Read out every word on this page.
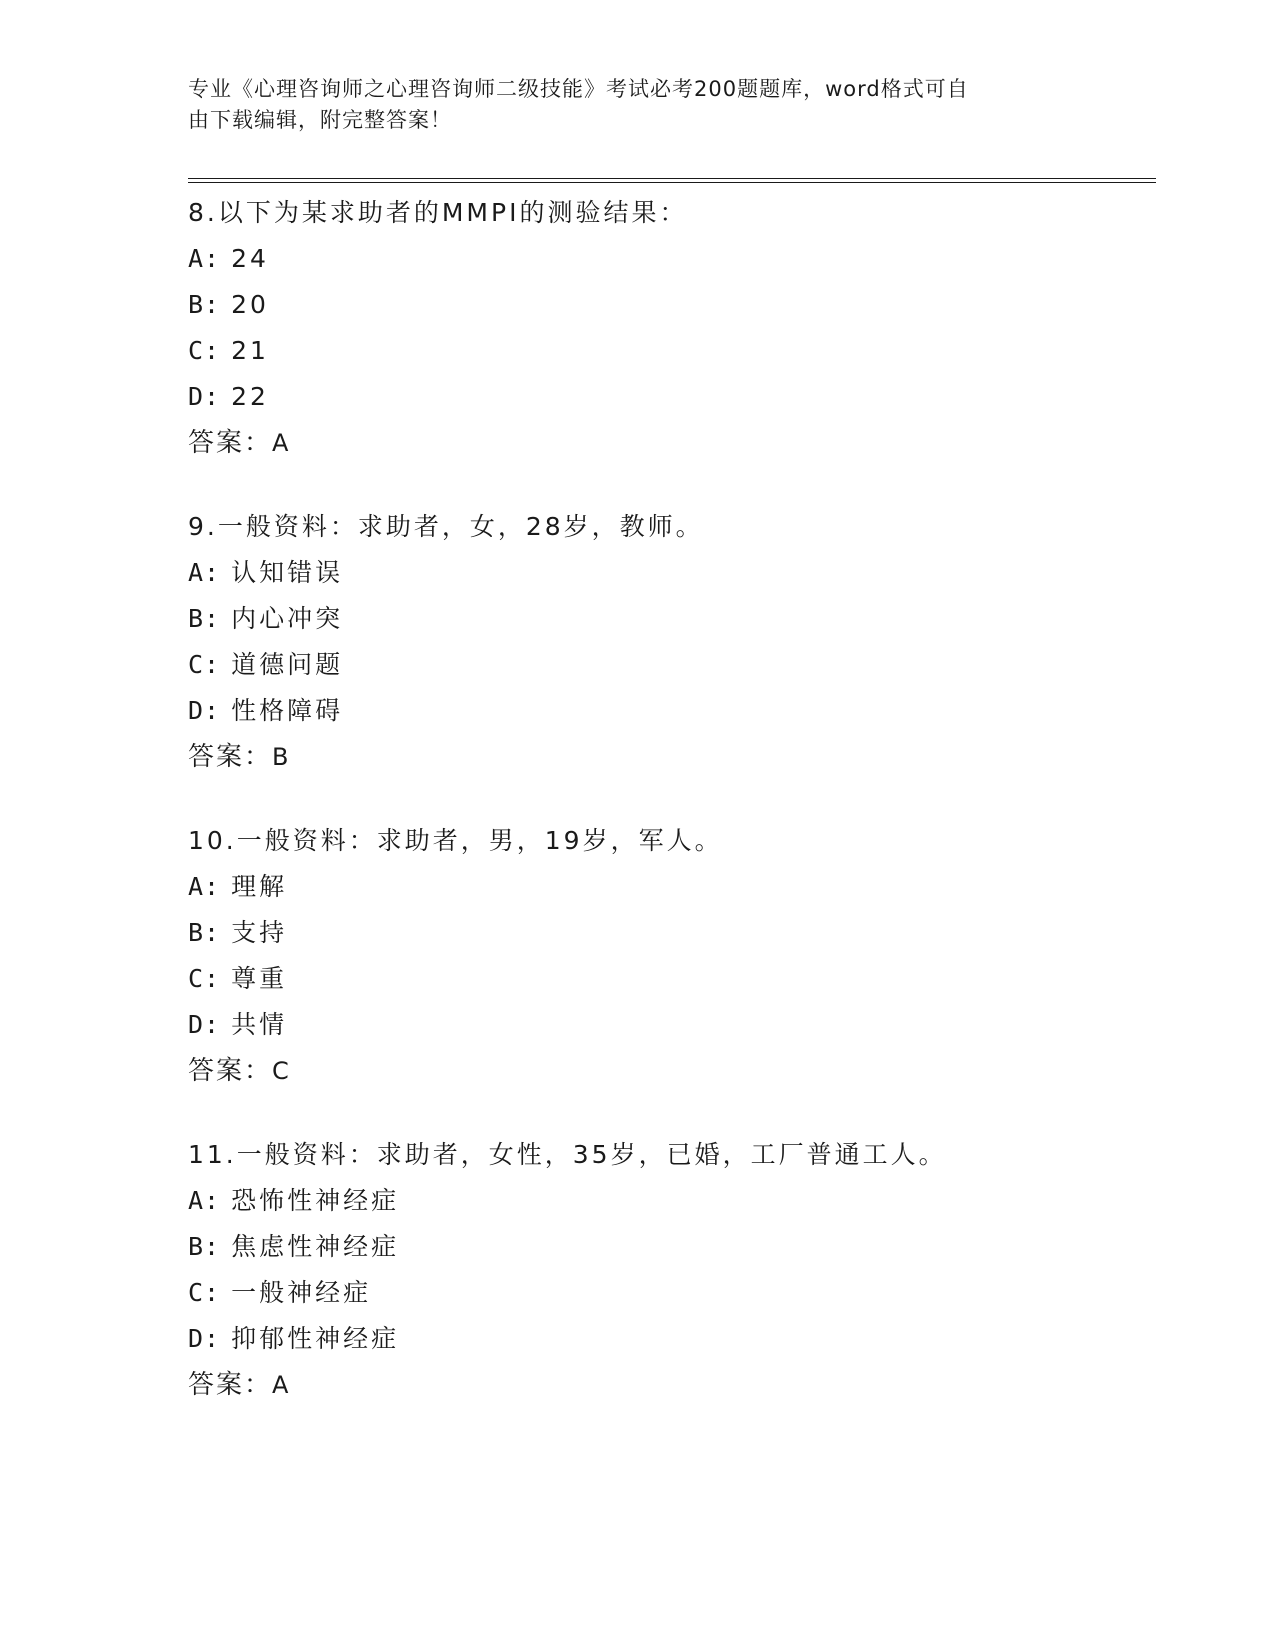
专业《心理咨询师之心理咨询师二级技能》考试必考200题题库，word格式可自
由下载编辑，附完整答案！
8.以下为某求助者的MMPI的测验结果：
A: 24
B: 20
C: 21
D: 22
答案：A
9.一般资料：求助者，女，28岁，教师。
A: 认知错误
B: 内心冲突
C: 道德问题
D: 性格障碍
答案：B
10.一般资料：求助者，男，19岁，军人。
A: 理解
B: 支持
C: 尊重
D: 共情
答案：C
11.一般资料：求助者，女性，35岁，已婚，工厂普通工人。
A: 恐怖性神经症
B: 焦虑性神经症
C: 一般神经症
D: 抑郁性神经症
答案：A
